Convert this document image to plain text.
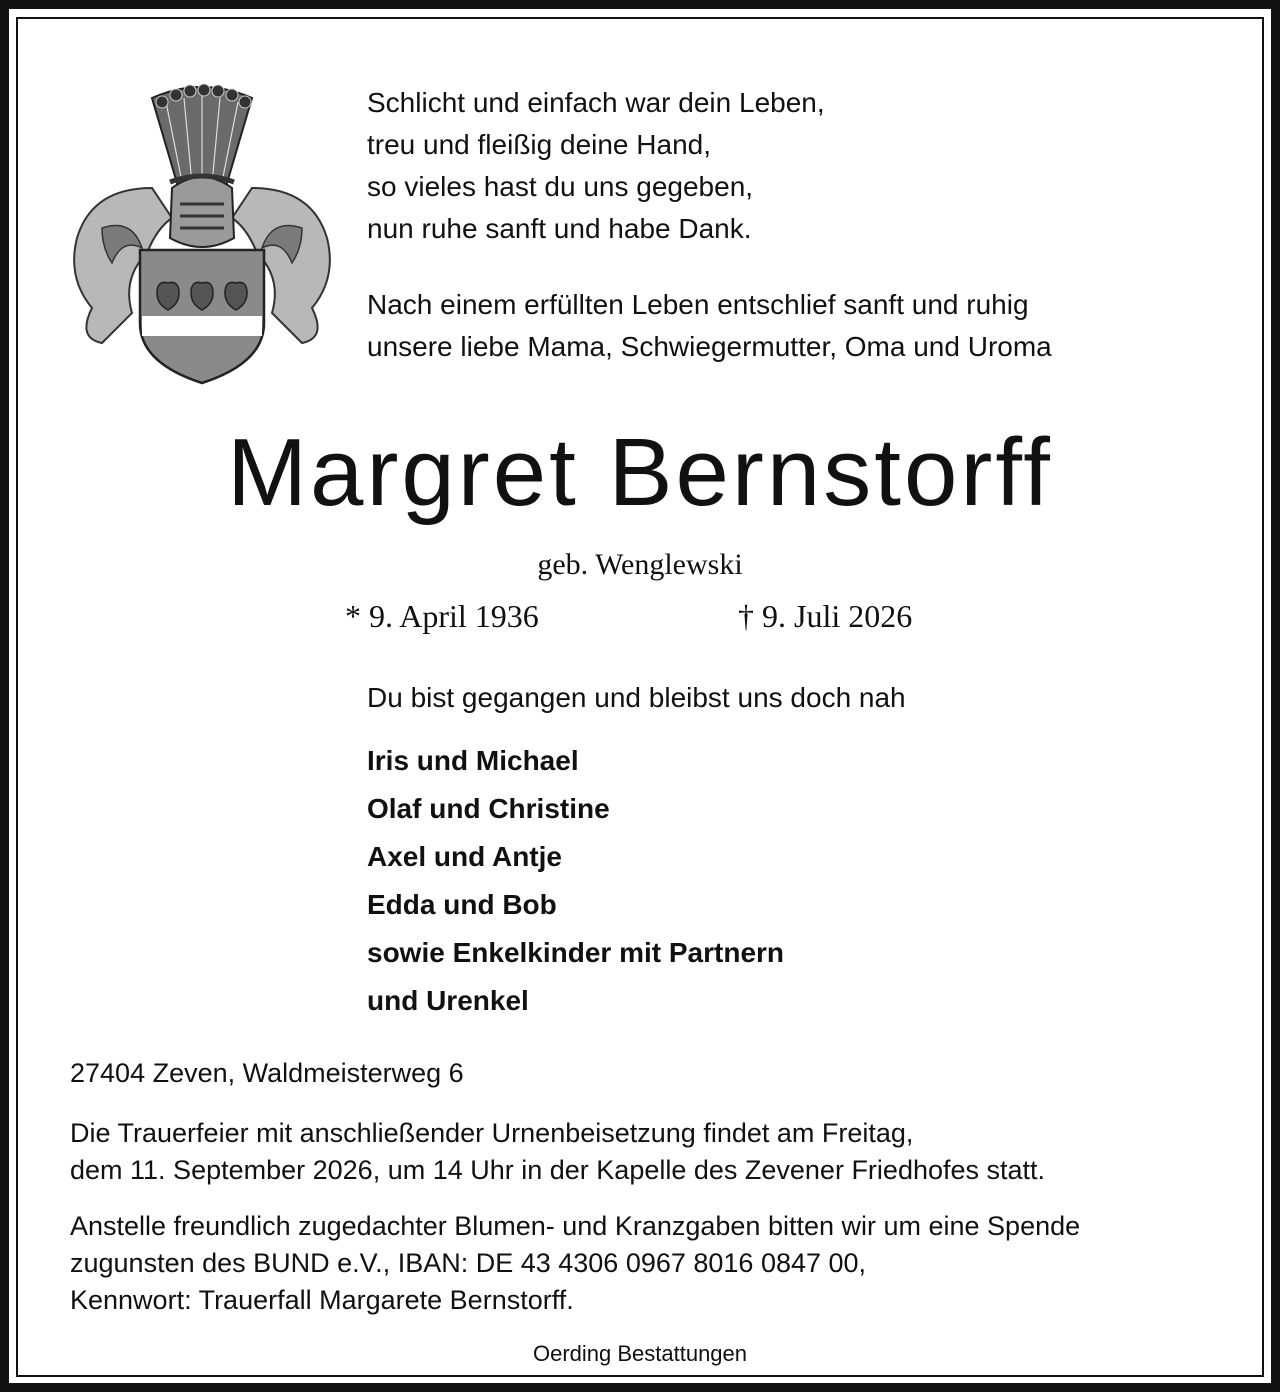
Schlicht und einfach war dein Leben,
treu und fleißig deine Hand,
so vieles hast du uns gegeben,
nun ruhe sanft und habe Dank.
Nach einem erfüllten Leben entschlief sanft und ruhig
unsere liebe Mama, Schwiegermutter, Oma und Uroma
Margret Bernstorff
geb. Wenglewski
* 9. April 1936	† 9. Juli 2026
Du bist gegangen und bleibst uns doch nah
Iris und Michael
Olaf und Christine
Axel und Antje
Edda und Bob
sowie Enkelkinder mit Partnern
und Urenkel
27404 Zeven, Waldmeisterweg 6
Die Trauerfeier mit anschließender Urnenbeisetzung findet am Freitag,
dem 11. September 2026, um 14 Uhr in der Kapelle des Zevener Friedhofes statt.
Anstelle freundlich zugedachter Blumen- und Kranzgaben bitten wir um eine Spende
zugunsten des BUND e.V., IBAN: DE 43 4306 0967 8016 0847 00,
Kennwort: Trauerfall Margarete Bernstorff.
Oerding Bestattungen
